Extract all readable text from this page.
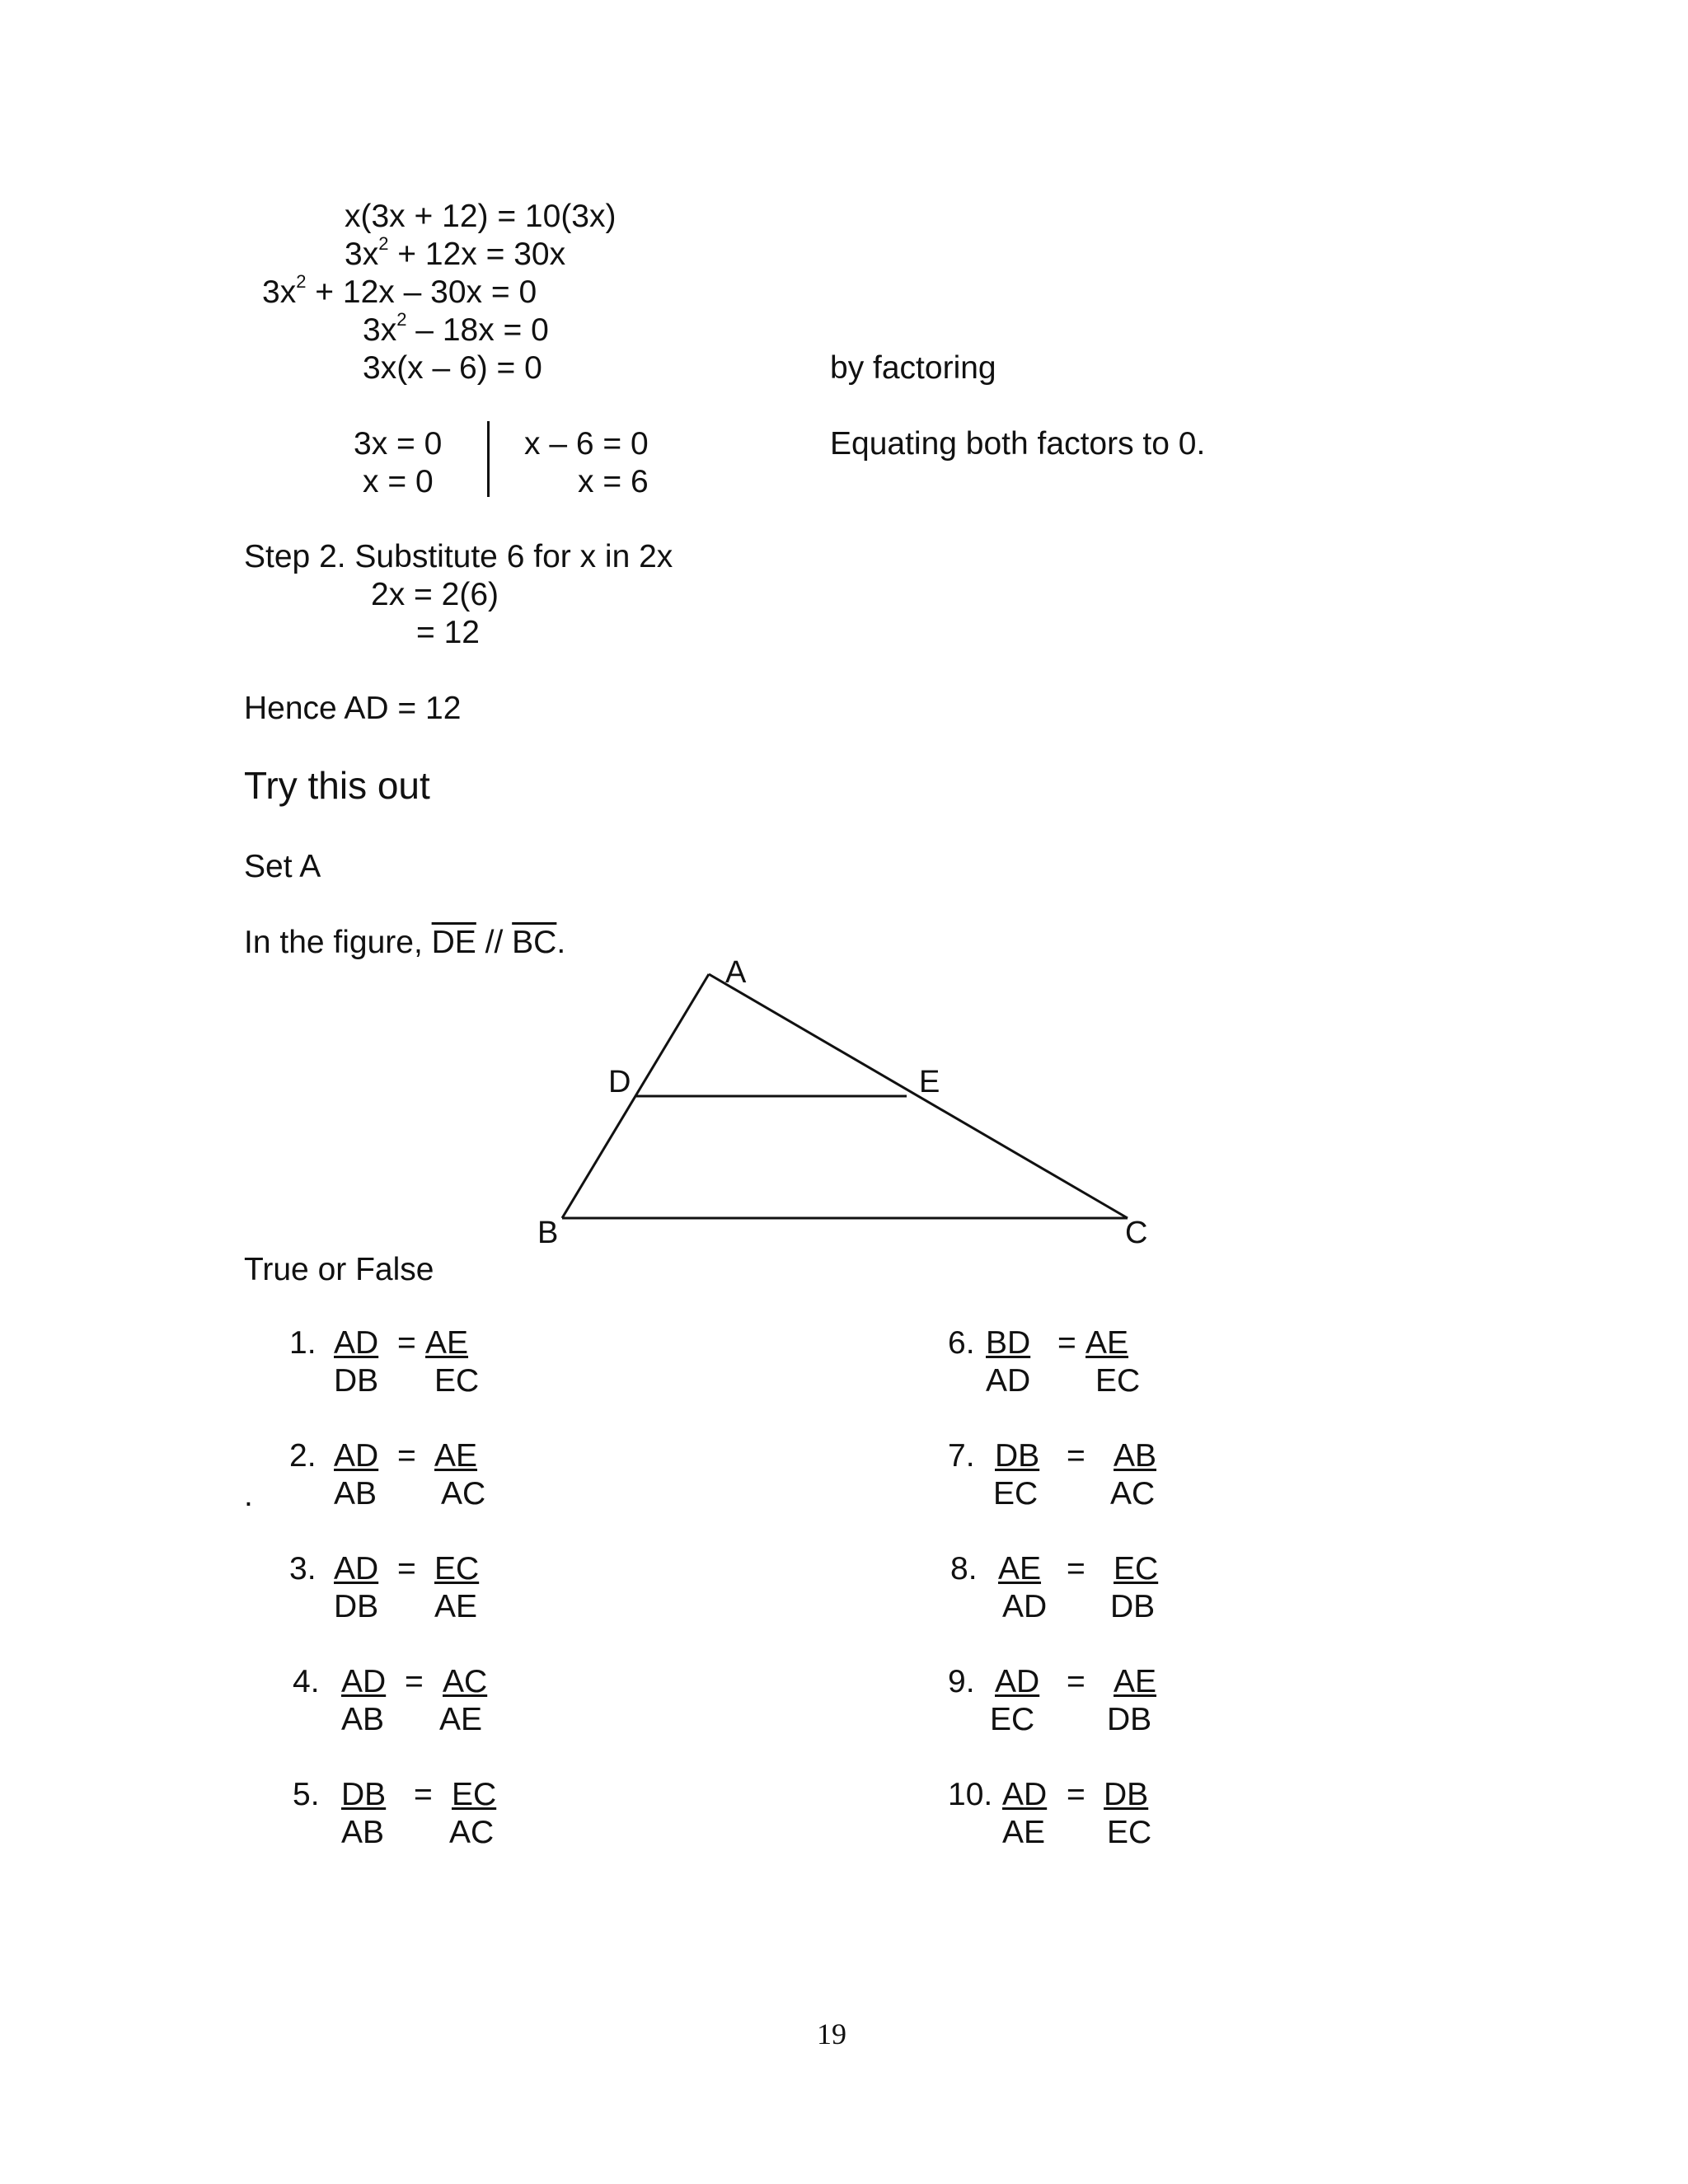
x(3x + 12) = 10(3x)
$3x^2 + 12x = 30x$
$3x^2 + 12x - 30x = 0$
$3x^2 - 18x = 0$
3x(x – 6) = 0	by factoring
3x = 0
x = 0
x – 6 = 0
x = 6
Equating both factors to 0.
Step 2. Substitute 6 for x in 2x
2x = 2(6)
= 12
Hence AD = 12
Try this out
Set A
In the figure, $\overline{DE} // \overline{BC}$.
A
D	E
B	C
True or False
.
1. AD
DB
= AE
EC
2. AD
AB
= AE
AC
3. AD
DB
= EC
AE
4. AD
AB
= AC
AE
5. DB
AB
= EC
AC
6. BD
AD
= AE
EC
7. DB
EC
= AB
AC
8. AE
AD
= EC
DB
9. AD
EC
= AE
DB
10. AD
AE
= DB
EC
19
